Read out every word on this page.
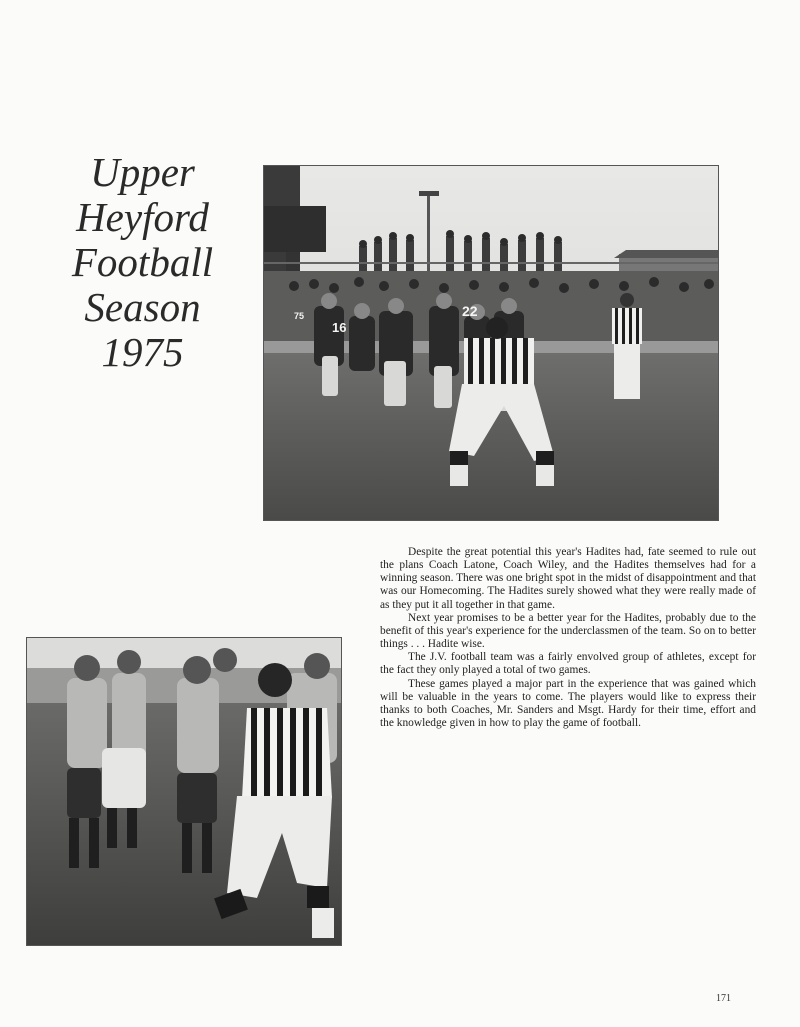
Upper
Heyford
Football
Season
1975
16
22
75

Despite the great potential this year's Hadites had, fate seemed to rule out the plans Coach Latone, Coach Wiley, and the Hadites themselves had for a winning season. There was one bright spot in the midst of disappointment and that was our Homecoming. The Hadites surely showed what they were really made of as they put it all together in that game.

Next year promises to be a better year for the Hadites, probably due to the benefit of this year's experience for the underclassmen of the team. So on to better things . . . Hadite wise.

The J.V. football team was a fairly envolved group of athletes, except for the fact they only played a total of two games.

These games played a major part in the experience that was gained which will be valuable in the years to come. The players would like to express their thanks to both Coaches, Mr. Sanders and Msgt. Hardy for their time, effort and the knowledge given in how to play the game of football.

171
